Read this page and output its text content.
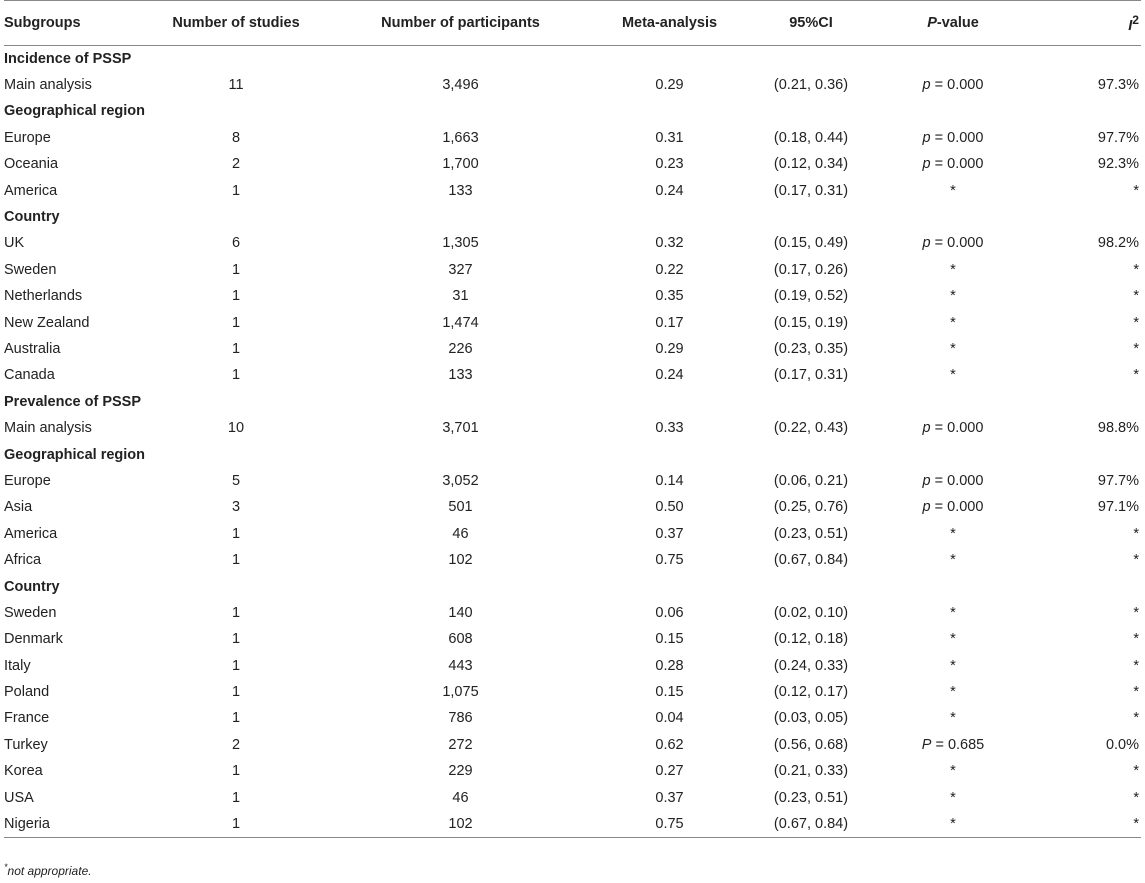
Subgroups	Number of studies	Number of participants	Meta-analysis	95%CI	P-value	$I^2$
Incidence of PSSP						
Main analysis	11	3,496	0.29	(0.21, 0.36)	p = 0.000	97.3%
Geographical region						
Europe	8	1,663	0.31	(0.18, 0.44)	p = 0.000	97.7%
Oceania	2	1,700	0.23	(0.12, 0.34)	p = 0.000	92.3%
America	1	133	0.24	(0.17, 0.31)	*	*
Country						
UK	6	1,305	0.32	(0.15, 0.49)	p = 0.000	98.2%
Sweden	1	327	0.22	(0.17, 0.26)	*	*
Netherlands	1	31	0.35	(0.19, 0.52)	*	*
New Zealand	1	1,474	0.17	(0.15, 0.19)	*	*
Australia	1	226	0.29	(0.23, 0.35)	*	*
Canada	1	133	0.24	(0.17, 0.31)	*	*
Prevalence of PSSP						
Main analysis	10	3,701	0.33	(0.22, 0.43)	p = 0.000	98.8%
Geographical region						
Europe	5	3,052	0.14	(0.06, 0.21)	p = 0.000	97.7%
Asia	3	501	0.50	(0.25, 0.76)	p = 0.000	97.1%
America	1	46	0.37	(0.23, 0.51)	*	*
Africa	1	102	0.75	(0.67, 0.84)	*	*
Country						
Sweden	1	140	0.06	(0.02, 0.10)	*	*
Denmark	1	608	0.15	(0.12, 0.18)	*	*
Italy	1	443	0.28	(0.24, 0.33)	*	*
Poland	1	1,075	0.15	(0.12, 0.17)	*	*
France	1	786	0.04	(0.03, 0.05)	*	*
Turkey	2	272	0.62	(0.56, 0.68)	P = 0.685	0.0%
Korea	1	229	0.27	(0.21, 0.33)	*	*
USA	1	46	0.37	(0.23, 0.51)	*	*
Nigeria	1	102	0.75	(0.67, 0.84)	*	*
*not appropriate.
